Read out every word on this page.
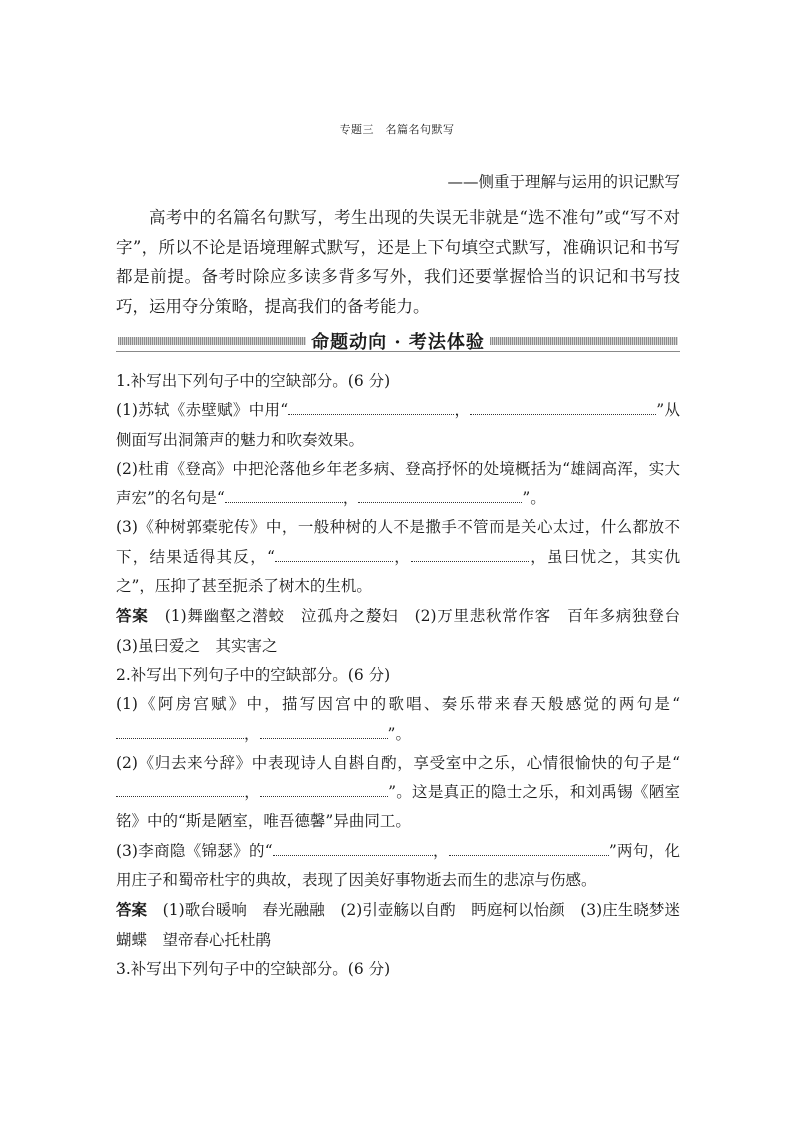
专题三　名篇名句默写
——侧重于理解与运用的识记默写

高考中的名篇名句默写，考生出现的失误无非就是“选不准句”或“写不对字”，所以不论是语境理解式默写，还是上下句填空式默写，准确识记和书写都是前提。备考时除应多读多背多写外，我们还要掌握恰当的识记和书写技巧，运用夺分策略，提高我们的备考能力。

命题动向 · 考法体验

1.补写出下列句子中的空缺部分。(6 分)

(1)苏轼《赤壁赋》中用“	，	”从侧面写出洞箫声的魅力和吹奏效果。

(2)杜甫《登高》中把沦落他乡年老多病、登高抒怀的处境概括为“雄阔高浑，实大声宏”的名句是“	，	”。

(3)《种树郭橐驼传》中，一般种树的人不是撒手不管而是关心太过，什么都放不下，结果适得其反，“	，	，虽曰忧之，其实仇之”，压抑了甚至扼杀了树木的生机。

答案　(1)舞幽壑之潜蛟　泣孤舟之嫠妇　(2)万里悲秋常作客　百年多病独登台　(3)虽曰爱之　其实害之

2.补写出下列句子中的空缺部分。(6 分)

(1)《阿房宫赋》中，描写因宫中的歌唱、奏乐带来春天般感觉的两句是“，	”。

(2)《归去来兮辞》中表现诗人自斟自酌，享受室中之乐，心情很愉快的句子是“，	”。这是真正的隐士之乐，和刘禹锡《陋室铭》中的“斯是陋室，唯吾德馨”异曲同工。

(3)李商隐《锦瑟》的“	，	”两句，化用庄子和蜀帝杜宇的典故，表现了因美好事物逝去而生的悲凉与伤感。

答案　(1)歌台暖响　春光融融　(2)引壶觞以自酌　眄庭柯以怡颜　(3)庄生晓梦迷蝴蝶　望帝春心托杜鹃

3.补写出下列句子中的空缺部分。(6 分)
